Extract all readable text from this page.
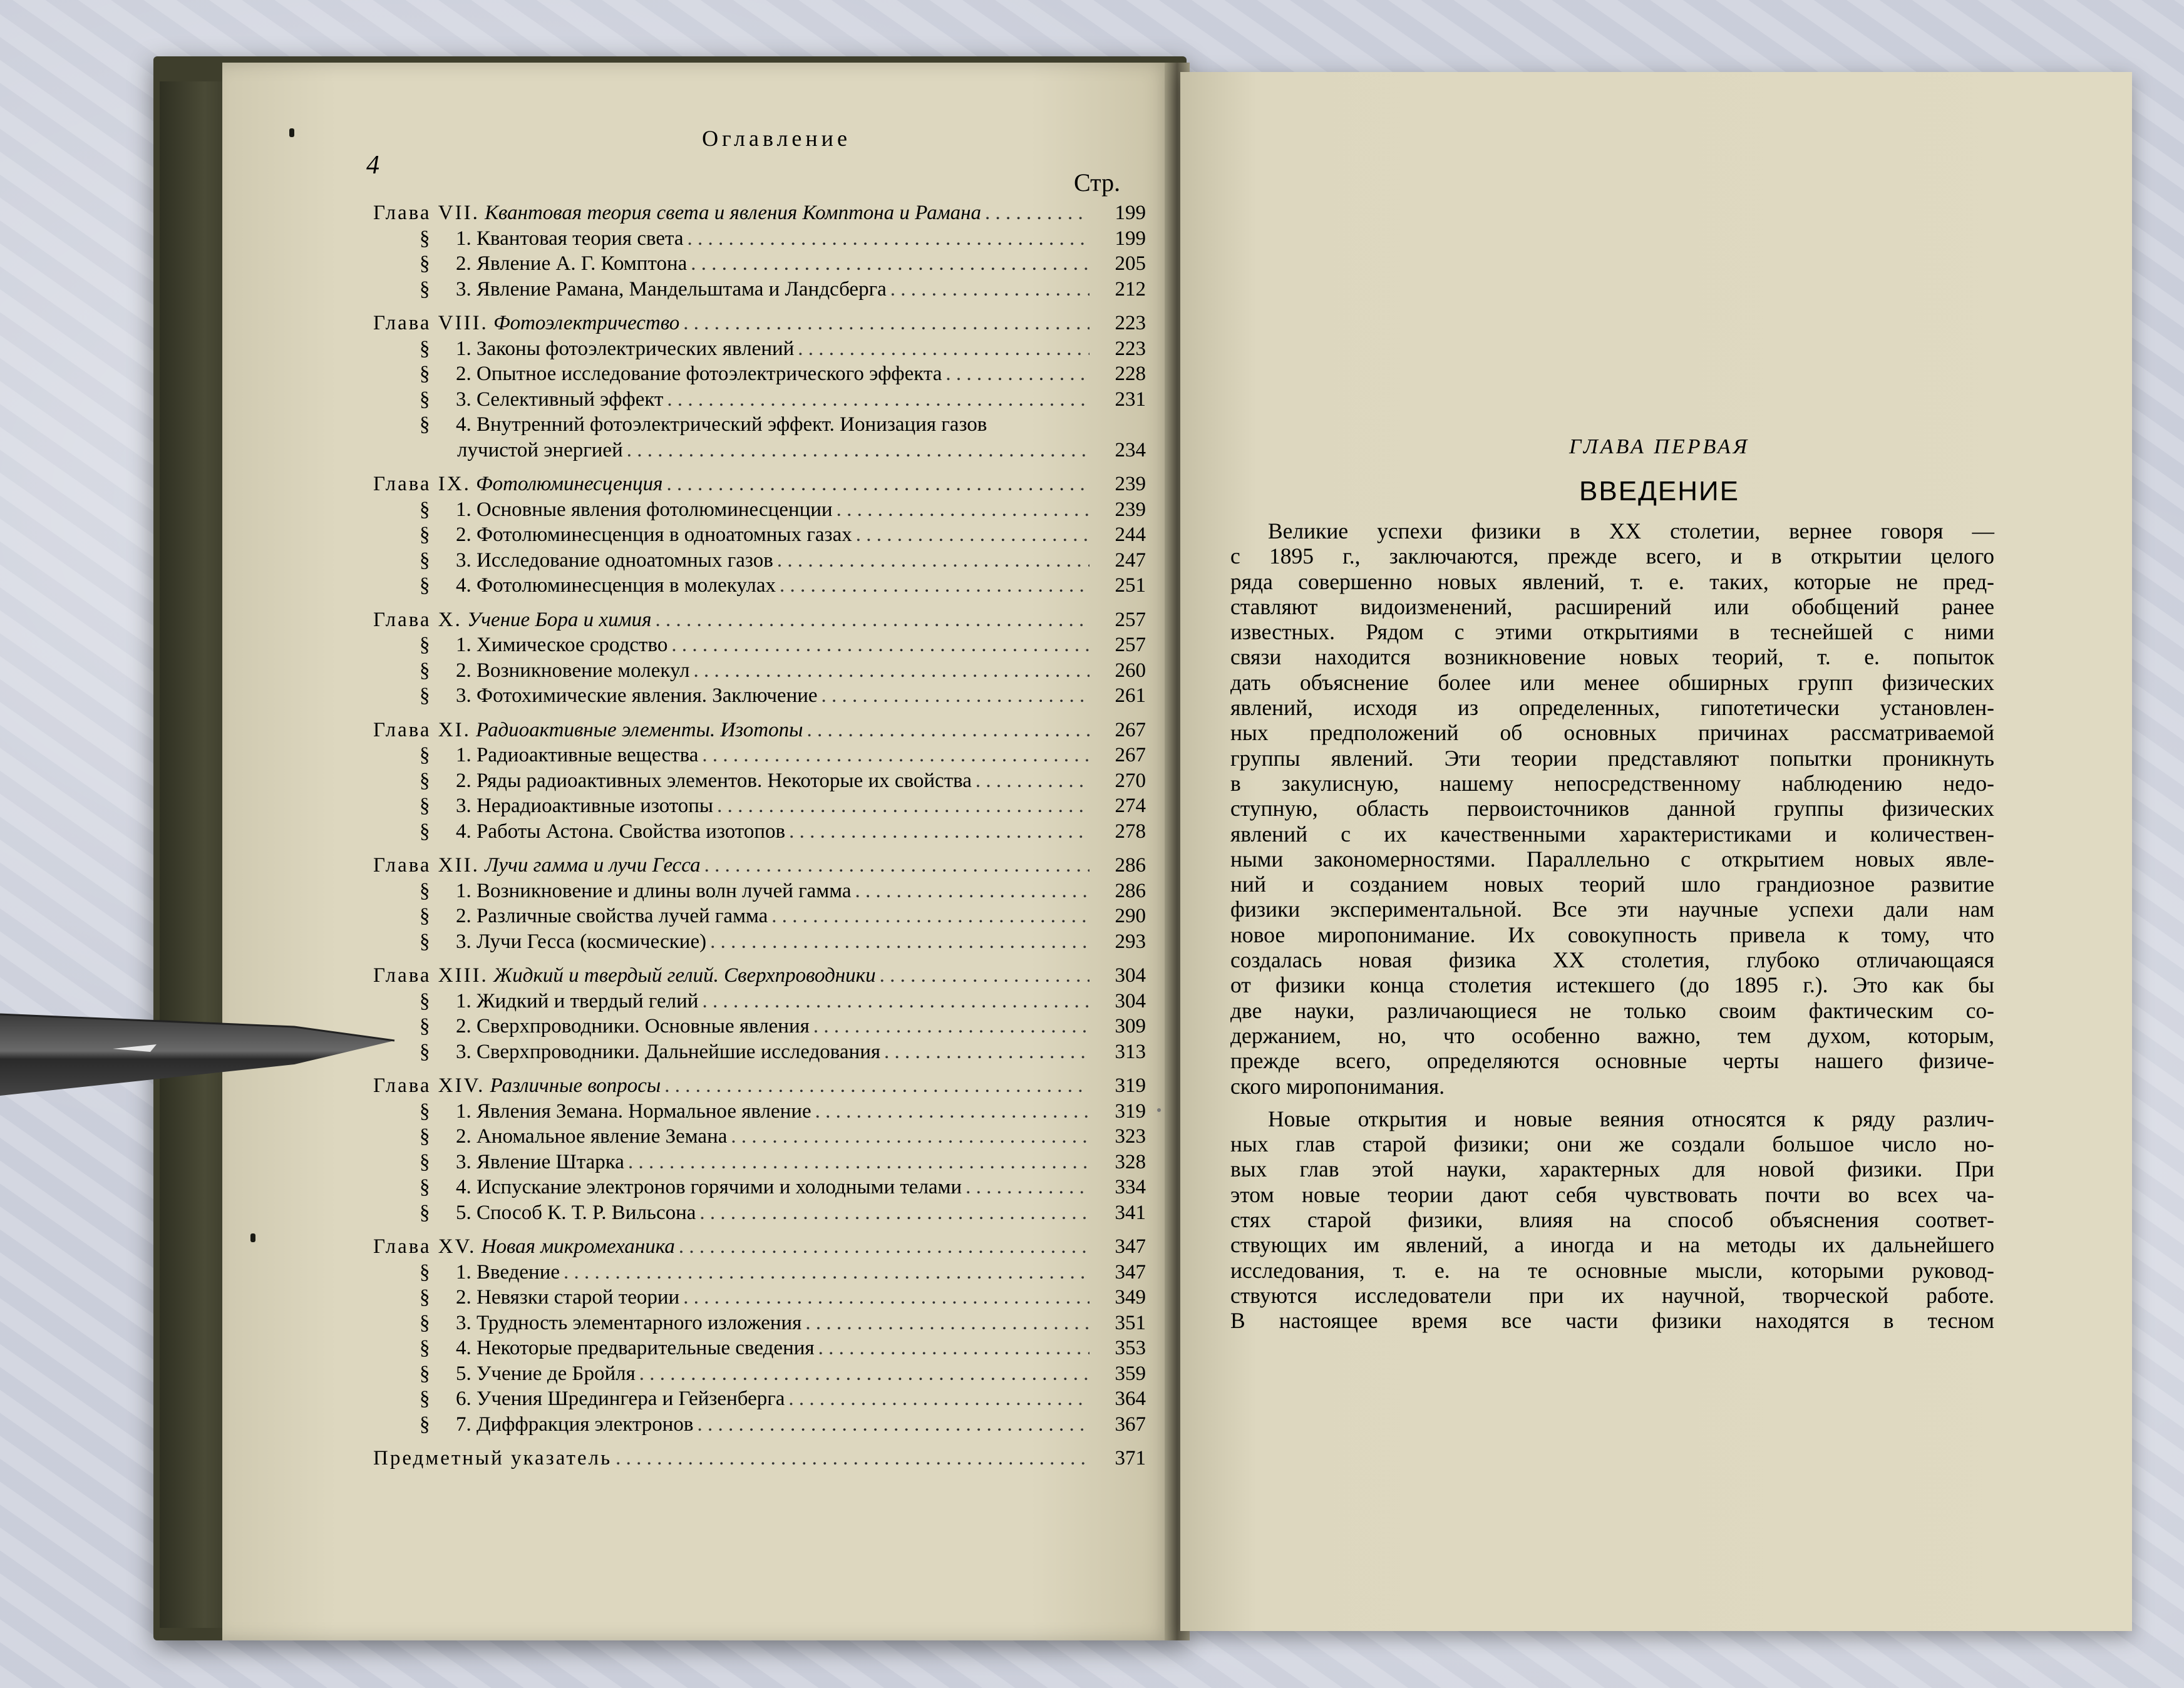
4
Оглавление
Стр.
Глава VII. Квантовая теория света и явления Комптона и Рамана . . .	199
§ 1. Квантовая теория света . . .	199
§ 2. Явление А. Г. Комптона . . .	205
§ 3. Явление Рамана, Мандельштама и Ландсберга . . .	212
Глава VIII. Фотоэлектричество . . .	223
§ 1. Законы фотоэлектрических явлений . . .	223
§ 2. Опытное исследование фотоэлектрического эффекта . . .	228
§ 3. Селективный эффект . . .	231
§ 4. Внутренний фотоэлектрический эффект. Ионизация газов
лучистой энергией . . .	234
Глава IX. Фотолюминесценция . . .	239
§ 1. Основные явления фотолюминесценции . . .	239
§ 2. Фотолюминесценция в одноатомных газах . . .	244
§ 3. Исследование одноатомных газов . . .	247
§ 4. Фотолюминесценция в молекулах . . .	251
Глава X. Учение Бора и химия . . .	257
§ 1. Химическое сродство . . .	257
§ 2. Возникновение молекул . . .	260
§ 3. Фотохимические явления. Заключение . . .	261
Глава XI. Радиоактивные элементы. Изотопы . . .	267
§ 1. Радиоактивные вещества . . .	267
§ 2. Ряды радиоактивных элементов. Некоторые их свойства . . .	270
§ 3. Нерадиоактивные изотопы . . .	274
§ 4. Работы Астона. Свойства изотопов . . .	278
Глава XII. Лучи гамма и лучи Гесса . . .	286
§ 1. Возникновение и длины волн лучей гамма . . .	286
§ 2. Различные свойства лучей гамма . . .	290
§ 3. Лучи Гесса (космические) . . .	293
Глава XIII. Жидкий и твердый гелий. Сверхпроводники . . .	304
§ 1. Жидкий и твердый гелий . . .	304
§ 2. Сверхпроводники. Основные явления . . .	309
§ 3. Сверхпроводники. Дальнейшие исследования . . .	313
Глава XIV. Различные вопросы . . .	319
§ 1. Явления Земана. Нормальное явление . . .	319
§ 2. Аномальное явление Земана . . .	323
§ 3. Явление Штарка . . .	328
§ 4. Испускание электронов горячими и холодными телами . . .	334
§ 5. Способ К. Т. Р. Вильсона . . .	341
Глава XV. Новая микромеханика . . .	347
§ 1. Введение . . .	347
§ 2. Невязки старой теории . . .	349
§ 3. Трудность элементарного изложения . . .	351
§ 4. Некоторые предварительные сведения . . .	353
§ 5. Учение де Бройля . . .	359
§ 6. Учения Шредингера и Гейзенберга . . .	364
§ 7. Диффракция электронов . . .	367
Предметный указатель . . .	371
ГЛАВА ПЕРВАЯ
ВВЕДЕНИЕ
Великие успехи физики в XX столетии, вернее говоря —
с 1895 г., заключаются, прежде всего, и в открытии целого
ряда совершенно новых явлений, т. е. таких, которые не пред-
ставляют видоизменений, расширений или обобщений ранее
известных. Рядом с этими открытиями в теснейшей с ними
связи находится возникновение новых теорий, т. е. попыток
дать объяснение более или менее обширных групп физических
явлений, исходя из определенных, гипотетически установлен-
ных предположений об основных причинах рассматриваемой
группы явлений. Эти теории представляют попытки проникнуть
в закулисную, нашему непосредственному наблюдению недо-
ступную, область первоисточников данной группы физических
явлений с их качественными характеристиками и количествен-
ными закономерностями. Параллельно с открытием новых явле-
ний и созданием новых теорий шло грандиозное развитие
физики экспериментальной. Все эти научные успехи дали нам
новое миропонимание. Их совокупность привела к тому, что
создалась новая физика XX столетия, глубоко отличающаяся
от физики конца столетия истекшего (до 1895 г.). Это как бы
две науки, различающиеся не только своим фактическим со-
держанием, но, что особенно важно, тем духом, которым,
прежде всего, определяются основные черты нашего физиче-
ского миропонимания.
Новые открытия и новые веяния относятся к ряду различ-
ных глав старой физики; они же создали большое число но-
вых глав этой науки, характерных для новой физики. При
этом новые теории дают себя чувствовать почти во всех ча-
стях старой физики, влияя на способ объяснения соответ-
ствующих им явлений, а иногда и на методы их дальнейшего
исследования, т. е. на те основные мысли, которыми руковод-
ствуются исследователи при их научной, творческой работе.
В настоящее время все части физики находятся в тесном
